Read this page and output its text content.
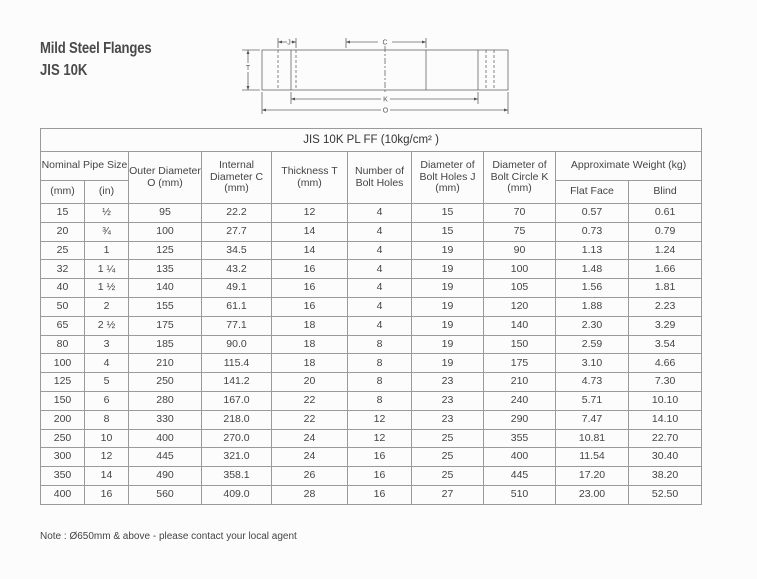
Mild Steel Flanges
JIS 10K
J	C
T
K
O
JIS 10K PL FF (10kg/cm² )									
Nominal Pipe Size		Outer Diameter O (mm)	Internal Diameter C (mm)	Thickness T (mm)	Number of Bolt Holes	Diameter of Bolt Holes J (mm)	Diameter of Bolt Circle K (mm)	Approximate Weight (kg)	
(mm)	(in)							Flat Face	Blind
15	½	95	22.2	12	4	15	70	0.57	0.61
20	¾	100	27.7	14	4	15	75	0.73	0.79
25	1	125	34.5	14	4	19	90	1.13	1.24
32	1 ¼	135	43.2	16	4	19	100	1.48	1.66
40	1 ½	140	49.1	16	4	19	105	1.56	1.81
50	2	155	61.1	16	4	19	120	1.88	2.23
65	2 ½	175	77.1	18	4	19	140	2.30	3.29
80	3	185	90.0	18	8	19	150	2.59	3.54
100	4	210	115.4	18	8	19	175	3.10	4.66
125	5	250	141.2	20	8	23	210	4.73	7.30
150	6	280	167.0	22	8	23	240	5.71	10.10
200	8	330	218.0	22	12	23	290	7.47	14.10
250	10	400	270.0	24	12	25	355	10.81	22.70
300	12	445	321.0	24	16	25	400	11.54	30.40
350	14	490	358.1	26	16	25	445	17.20	38.20
400	16	560	409.0	28	16	27	510	23.00	52.50
Note : Ø650mm & above - please contact your local agent
